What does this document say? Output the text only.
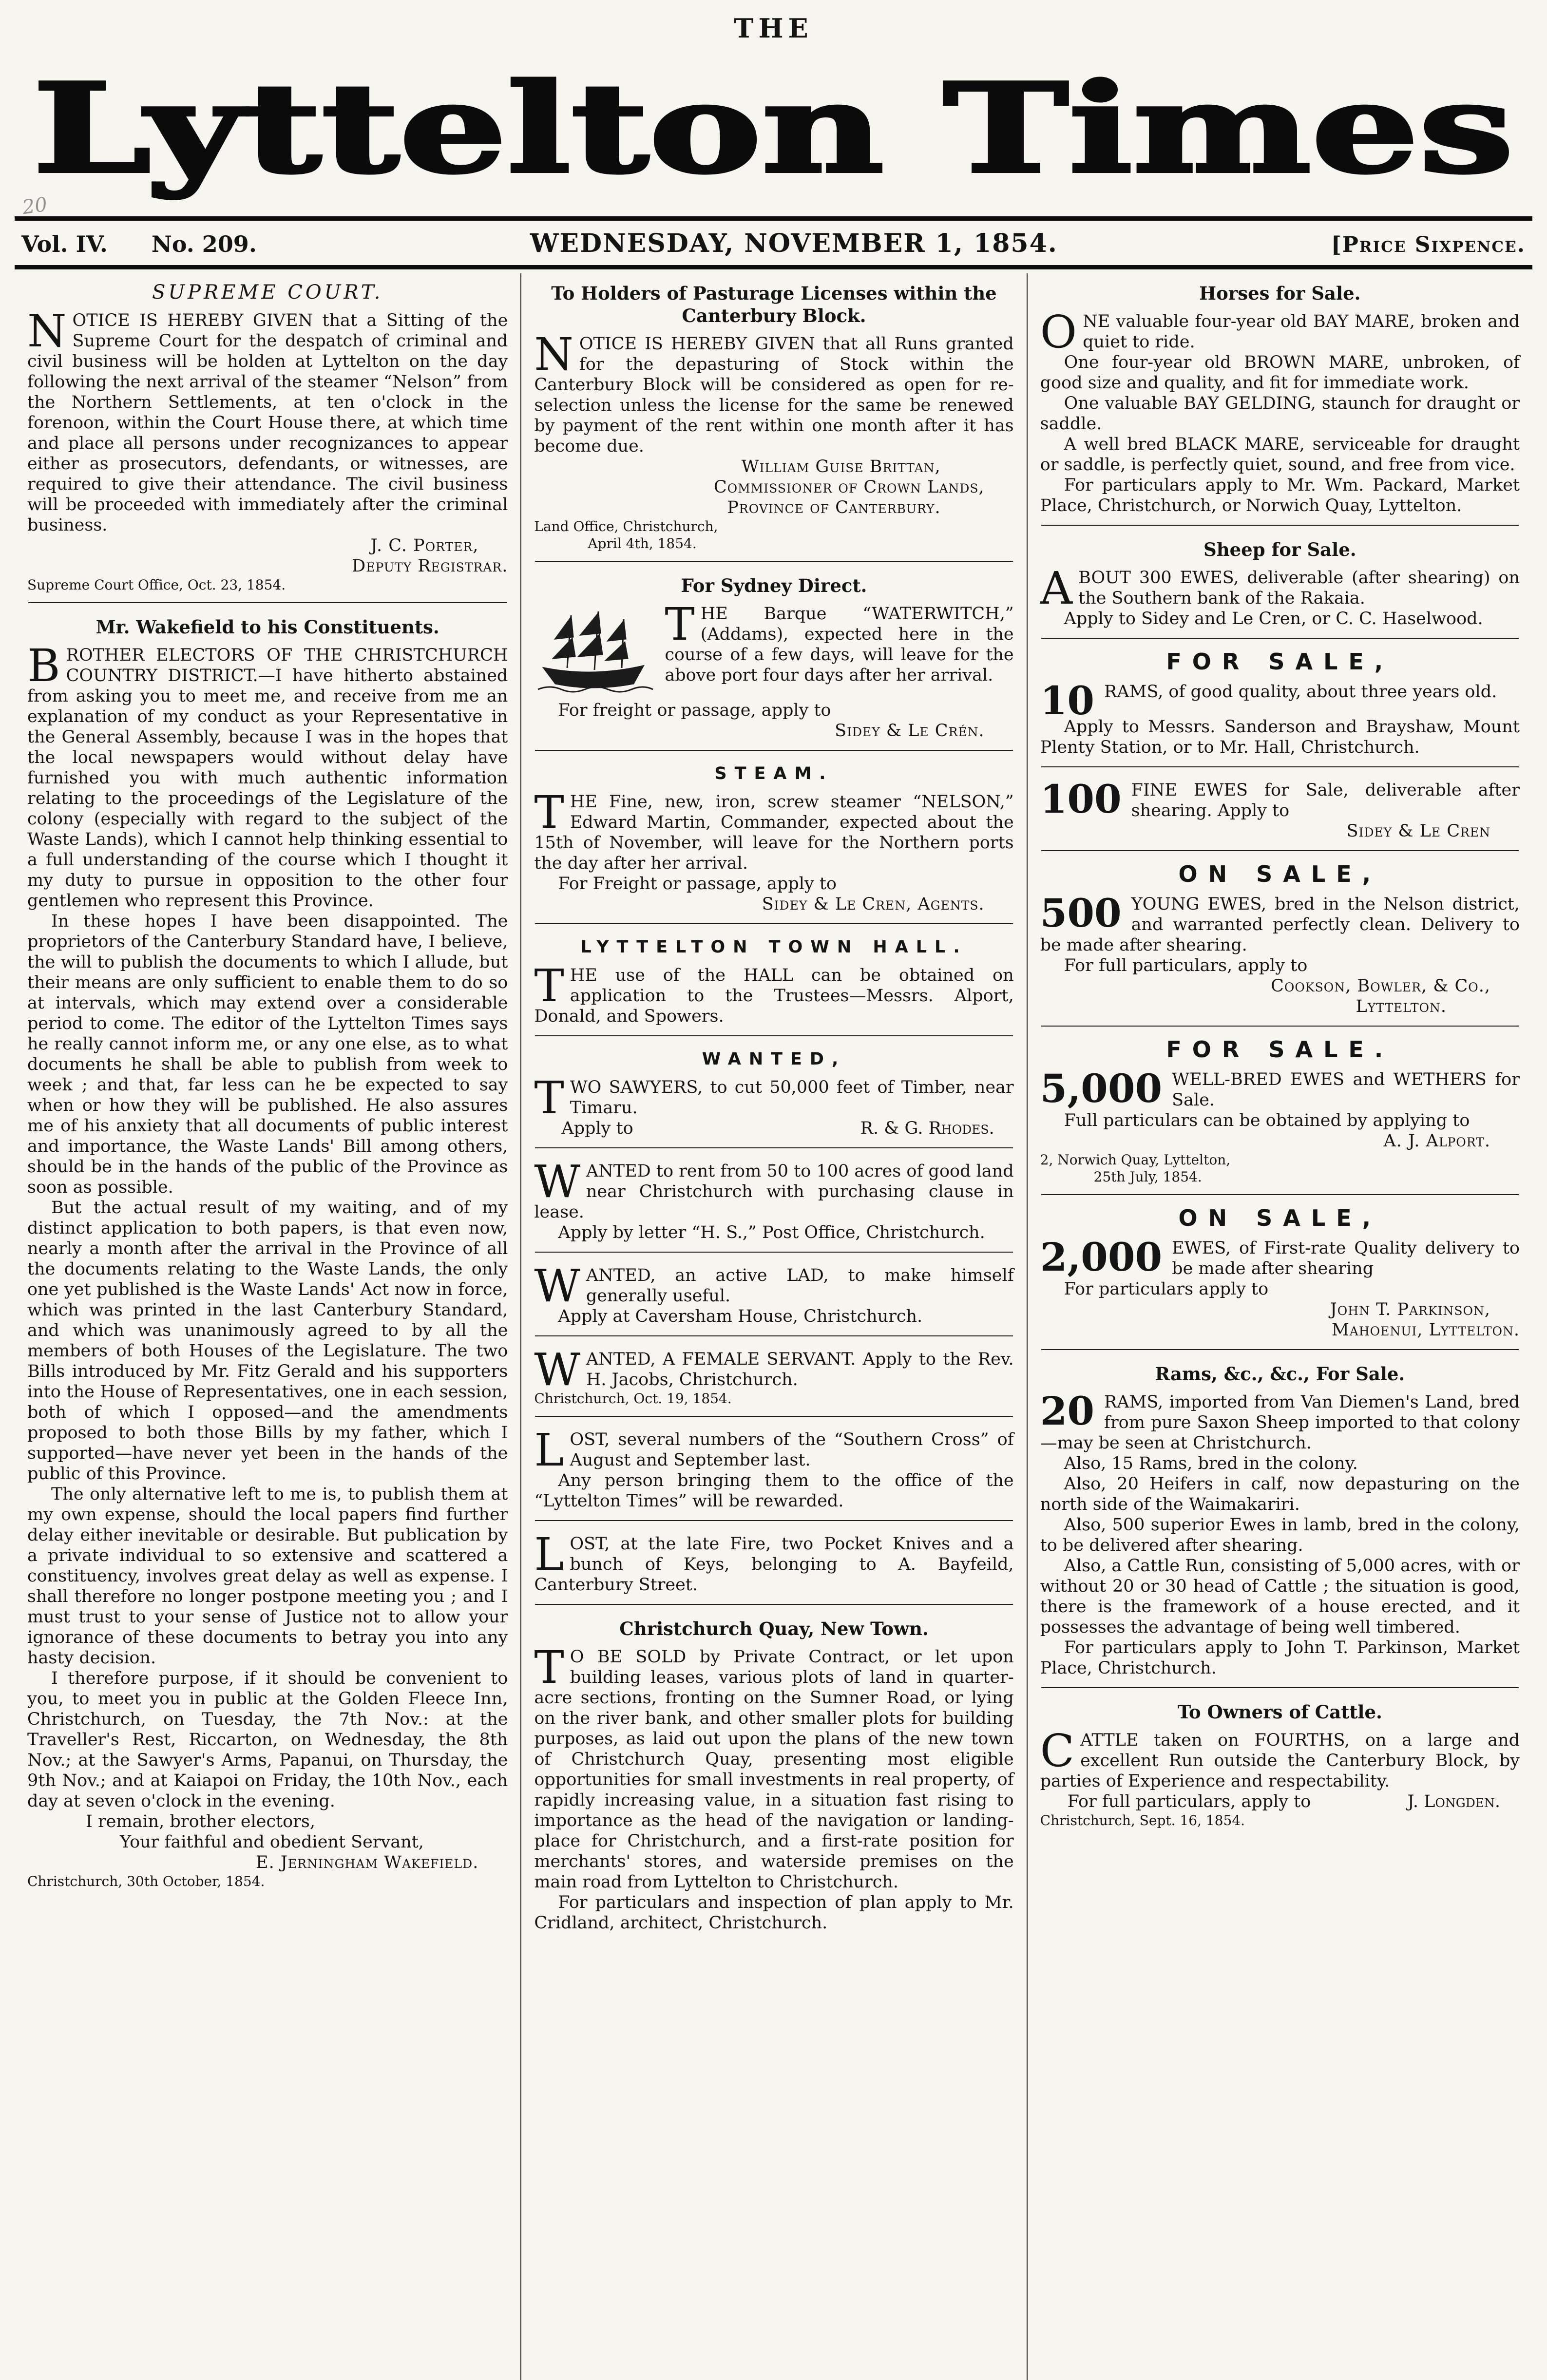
THE
Lyttelton Times
Vol. IV. No. 209.	WEDNESDAY, NOVEMBER 1, 1854.	[Price Sixpence.
20
SUPREME COURT.

NOTICE IS HEREBY GIVEN that a Sitting of the Supreme Court for the despatch of criminal and civil business will be holden at Lyttelton on the day following the next arrival of the steamer “Nelson” from the Northern Settlements, at ten o'clock in the forenoon, within the Court House there, at which time and place all persons under recognizances to appear either as prosecutors, defendants, or witnesses, are required to give their attendance. The civil business will be proceeded with immediately after the criminal business.

J. C. Porter,

Deputy Registrar.

Supreme Court Office, Oct. 23, 1854.

Mr. Wakefield to his Constituents.

BROTHER ELECTORS OF THE CHRISTCHURCH COUNTRY DISTRICT.—I have hitherto abstained from asking you to meet me, and receive from me an explanation of my conduct as your Representative in the General Assembly, because I was in the hopes that the local newspapers would without delay have furnished you with much authentic information relating to the proceedings of the Legislature of the colony (especially with regard to the subject of the Waste Lands), which I cannot help thinking essential to a full understanding of the course which I thought it my duty to pursue in opposition to the other four gentlemen who represent this Province.

In these hopes I have been disappointed. The proprietors of the Canterbury Standard have, I believe, the will to publish the documents to which I allude, but their means are only sufficient to enable them to do so at intervals, which may extend over a considerable period to come. The editor of the Lyttelton Times says he really cannot inform me, or any one else, as to what documents he shall be able to publish from week to week ; and that, far less can he be expected to say when or how they will be published. He also assures me of his anxiety that all documents of public interest and importance, the Waste Lands' Bill among others, should be in the hands of the public of the Province as soon as possible.

But the actual result of my waiting, and of my distinct application to both papers, is that even now, nearly a month after the arrival in the Province of all the documents relating to the Waste Lands, the only one yet published is the Waste Lands' Act now in force, which was printed in the last Canterbury Standard, and which was unanimously agreed to by all the members of both Houses of the Legislature. The two Bills introduced by Mr. Fitz Gerald and his supporters into the House of Representatives, one in each session, both of which I opposed—and the amendments proposed to both those Bills by my father, which I supported—have never yet been in the hands of the public of this Province.

The only alternative left to me is, to publish them at my own expense, should the local papers find further delay either inevitable or desirable. But publication by a private individual to so extensive and scattered a constituency, involves great delay as well as expense. I shall therefore no longer postpone meeting you ; and I must trust to your sense of Justice not to allow your ignorance of these documents to betray you into any hasty decision.

I therefore purpose, if it should be convenient to you, to meet you in public at the Golden Fleece Inn, Christchurch, on Tuesday, the 7th Nov.: at the Traveller's Rest, Riccarton, on Wednesday, the 8th Nov.; at the Sawyer's Arms, Papanui, on Thursday, the 9th Nov.; and at Kaiapoi on Friday, the 10th Nov., each day at seven o'clock in the evening.

I remain, brother electors,

Your faithful and obedient Servant,

E. Jerningham Wakefield.

Christchurch, 30th October, 1854.

To Holders of Pasturage Licenses within the Canterbury Block.

NOTICE IS HEREBY GIVEN that all Runs granted for the depasturing of Stock within the Canterbury Block will be considered as open for re-selection unless the license for the same be renewed by payment of the rent within one month after it has become due.

William Guise Brittan,

Commissioner of Crown Lands,

Province of Canterbury.

Land Office, Christchurch,

April 4th, 1854.

For Sydney Direct.

THE Barque “WATERWITCH,” (Addams), expected here in the course of a few days, will leave for the above port four days after her arrival.

For freight or passage, apply to

Sidey & Le Crén.

STEAM.

THE Fine, new, iron, screw steamer “NELSON,” Edward Martin, Commander, expected about the 15th of November, will leave for the Northern ports the day after her arrival.

For Freight or passage, apply to

Sidey & Le Cren, Agents.

LYTTELTON TOWN HALL.

THE use of the HALL can be obtained on application to the Trustees—Messrs. Alport, Donald, and Spowers.

WANTED,

TWO SAWYERS, to cut 50,000 feet of Timber, near Timaru.

Apply to	R. & G. Rhodes.

WANTED to rent from 50 to 100 acres of good land near Christchurch with purchasing clause in lease.

Apply by letter “H. S.,” Post Office, Christchurch.

WANTED, an active LAD, to make himself generally useful.

Apply at Caversham House, Christchurch.

WANTED, A FEMALE SERVANT. Apply to the Rev. H. Jacobs, Christchurch.

Christchurch, Oct. 19, 1854.

LOST, several numbers of the “Southern Cross” of August and September last.

Any person bringing them to the office of the “Lyttelton Times” will be rewarded.

LOST, at the late Fire, two Pocket Knives and a bunch of Keys, belonging to A. Bayfeild, Canterbury Street.

Christchurch Quay, New Town.

T O BE SOLD by Private Contract, or let upon building leases, various plots of land in quarter-acre sections, fronting on the Sumner Road, or lying on the river bank, and other smaller plots for building purposes, as laid out upon the plans of the new town of Christchurch Quay, presenting most eligible opportunities for small investments in real property, of rapidly increasing value, in a situation fast rising to importance as the head of the navigation or landing-place for Christchurch, and a first-rate position for merchants' stores, and waterside premises on the main road from Lyttelton to Christchurch.

For particulars and inspection of plan apply to Mr. Cridland, architect, Christchurch.

Horses for Sale.

ONE valuable four-year old BAY MARE, broken and quiet to ride.

One four-year old BROWN MARE, unbroken, of good size and quality, and fit for immediate work.

One valuable BAY GELDING, staunch for draught or saddle.

A well bred BLACK MARE, serviceable for draught or saddle, is perfectly quiet, sound, and free from vice.

For particulars apply to Mr. Wm. Packard, Market Place, Christchurch, or Norwich Quay, Lyttelton.

Sheep for Sale.

ABOUT 300 EWES, deliverable (after shearing) on the Southern bank of the Rakaia.

Apply to Sidey and Le Cren, or C. C. Haselwood.

FOR SALE,

10 RAMS, of good quality, about three years old.

Apply to Messrs. Sanderson and Brayshaw, Mount Plenty Station, or to Mr. Hall, Christchurch.

100 FINE EWES for Sale, deliverable after shearing. Apply to

Sidey & Le Cren

ON SALE,

500 YOUNG EWES, bred in the Nelson district, and warranted perfectly clean. Delivery to be made after shearing.

For full particulars, apply to

Cookson, Bowler, & Co.,

Lyttelton.

FOR SALE.

5,000 WELL-BRED EWES and WETHERS for Sale.

Full particulars can be obtained by applying to

A. J. Alport.

2, Norwich Quay, Lyttelton,

25th July, 1854.

ON SALE,

2,000 EWES, of First-rate Quality delivery to be made after shearing

For particulars apply to

John T. Parkinson,

Mahoenui, Lyttelton.

Rams, &c., &c., For Sale.

20 RAMS, imported from Van Diemen's Land, bred from pure Saxon Sheep imported to that colony—may be seen at Christchurch.

Also, 15 Rams, bred in the colony.

Also, 20 Heifers in calf, now depasturing on the north side of the Waimakariri.

Also, 500 superior Ewes in lamb, bred in the colony, to be delivered after shearing.

Also, a Cattle Run, consisting of 5,000 acres, with or without 20 or 30 head of Cattle ; the situation is good, there is the framework of a house erected, and it possesses the advantage of being well timbered.

For particulars apply to John T. Parkinson, Market Place, Christchurch.

To Owners of Cattle.

CATTLE taken on FOURTHS, on a large and excellent Run outside the Canterbury Block, by parties of Experience and respectability.

For full particulars, apply to	J. Longden.

Christchurch, Sept. 16, 1854.
